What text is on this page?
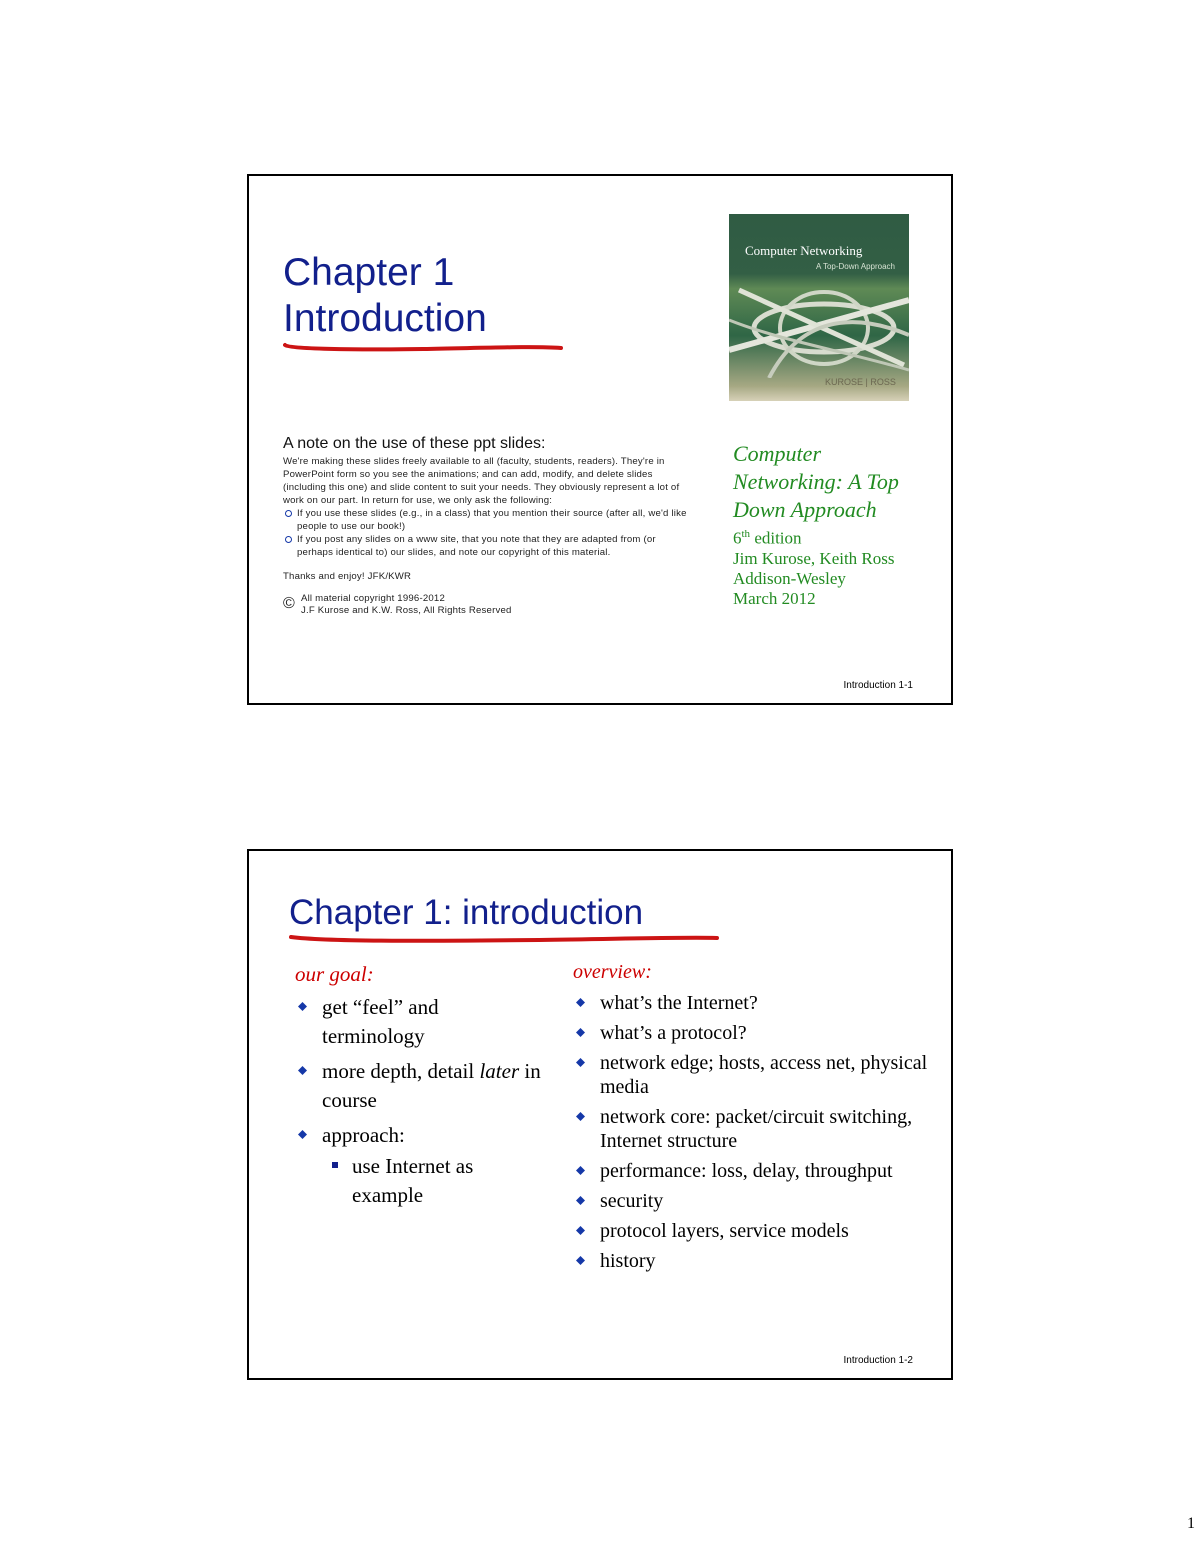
Chapter 1
Introduction
Computer Networking
A Top-Down Approach
KUROSE | ROSS
A note on the use of these ppt slides:
We're making these slides freely available to all (faculty, students, readers). They're in PowerPoint form so you see the animations; and can add, modify, and delete slides (including this one) and slide content to suit your needs. They obviously represent a lot of work on our part. In return for use, we only ask the following:
If you use these slides (e.g., in a class) that you mention their source (after all, we'd like people to use our book!)
If you post any slides on a www site, that you note that they are adapted from (or perhaps identical to) our slides, and note our copyright of this material.
Thanks and enjoy! JFK/KWR
© All material copyright 1996-2012
J.F Kurose and K.W. Ross, All Rights Reserved
Computer Networking: A Top Down Approach
6th edition
Jim Kurose, Keith Ross
Addison-Wesley
March 2012
Introduction 1-1
Chapter 1: introduction
our goal:
get “feel” and terminology
more depth, detail later in course
approach:
use Internet as example
overview:
what’s the Internet?
what’s a protocol?
network edge; hosts, access net, physical media
network core: packet/circuit switching, Internet structure
performance: loss, delay, throughput
security
protocol layers, service models
history
Introduction 1-2
1
